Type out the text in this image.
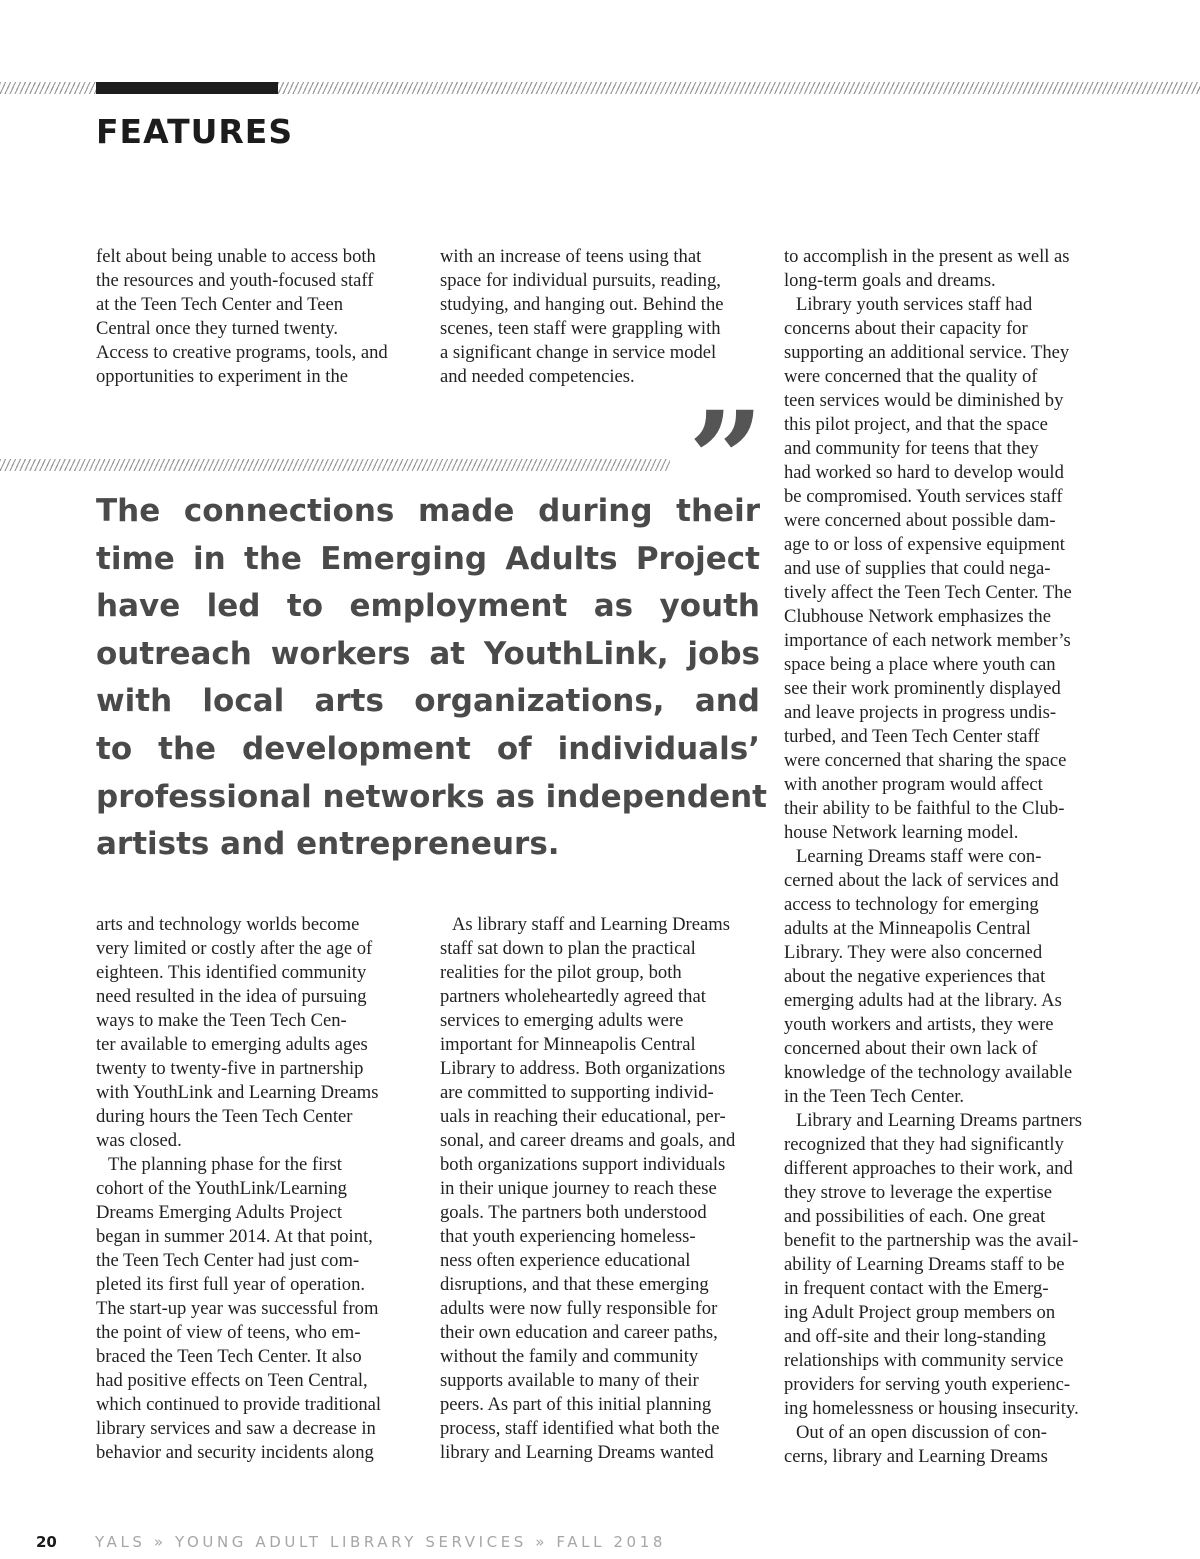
FEATURES
felt about being unable to access both
the resources and youth-focused staff
at the Teen Tech Center and Teen
Central once they turned twenty.
Access to creative programs, tools, and
opportunities to experiment in the
with an increase of teens using that
space for individual pursuits, reading,
studying, and hanging out. Behind the
scenes, teen staff were grappling with
a significant change in service model
and needed competencies.
to accomplish in the present as well as
long-term goals and dreams.
Library youth services staff had
concerns about their capacity for
supporting an additional service. They
were concerned that the quality of
teen services would be diminished by
this pilot project, and that the space
and community for teens that they
had worked so hard to develop would
be compromised. Youth services staff
were concerned about possible dam-
age to or loss of expensive equipment
and use of supplies that could nega-
tively affect the Teen Tech Center. The
Clubhouse Network emphasizes the
importance of each network member’s
space being a place where youth can
see their work prominently displayed
and leave projects in progress undis-
turbed, and Teen Tech Center staff
were concerned that sharing the space
with another program would affect
their ability to be faithful to the Club-
house Network learning model.
Learning Dreams staff were con-
cerned about the lack of services and
access to technology for emerging
adults at the Minneapolis Central
Library. They were also concerned
about the negative experiences that
emerging adults had at the library. As
youth workers and artists, they were
concerned about their own lack of
knowledge of the technology available
in the Teen Tech Center.
Library and Learning Dreams partners
recognized that they had significantly
different approaches to their work, and
they strove to leverage the expertise
and possibilities of each. One great
benefit to the partnership was the avail-
ability of Learning Dreams staff to be
in frequent contact with the Emerg-
ing Adult Project group members on
and off-site and their long-standing
relationships with community service
providers for serving youth experienc-
ing homelessness or housing insecurity.
Out of an open discussion of con-
cerns, library and Learning Dreams
arts and technology worlds become
very limited or costly after the age of
eighteen. This identified community
need resulted in the idea of pursuing
ways to make the Teen Tech Cen-
ter available to emerging adults ages
twenty to twenty-five in partnership
with YouthLink and Learning Dreams
during hours the Teen Tech Center
was closed.
The planning phase for the first
cohort of the YouthLink/Learning
Dreams Emerging Adults Project
began in summer 2014. At that point,
the Teen Tech Center had just com-
pleted its first full year of operation.
The start-up year was successful from
the point of view of teens, who em-
braced the Teen Tech Center. It also
had positive effects on Teen Central,
which continued to provide traditional
library services and saw a decrease in
behavior and security incidents along
As library staff and Learning Dreams
staff sat down to plan the practical
realities for the pilot group, both
partners wholeheartedly agreed that
services to emerging adults were
important for Minneapolis Central
Library to address. Both organizations
are committed to supporting individ-
uals in reaching their educational, per-
sonal, and career dreams and goals, and
both organizations support individuals
in their unique journey to reach these
goals. The partners both understood
that youth experiencing homeless-
ness often experience educational
disruptions, and that these emerging
adults were now fully responsible for
their own education and career paths,
without the family and community
supports available to many of their
peers. As part of this initial planning
process, staff identified what both the
library and Learning Dreams wanted
”
The connections made during their
time in the Emerging Adults Project
have led to employment as youth
outreach workers at YouthLink, jobs
with local arts organizations, and
to the development of individuals’
professional networks as independent
artists and entrepreneurs.
20	YALS » YOUNG ADULT LIBRARY SERVICES » FALL 2018
